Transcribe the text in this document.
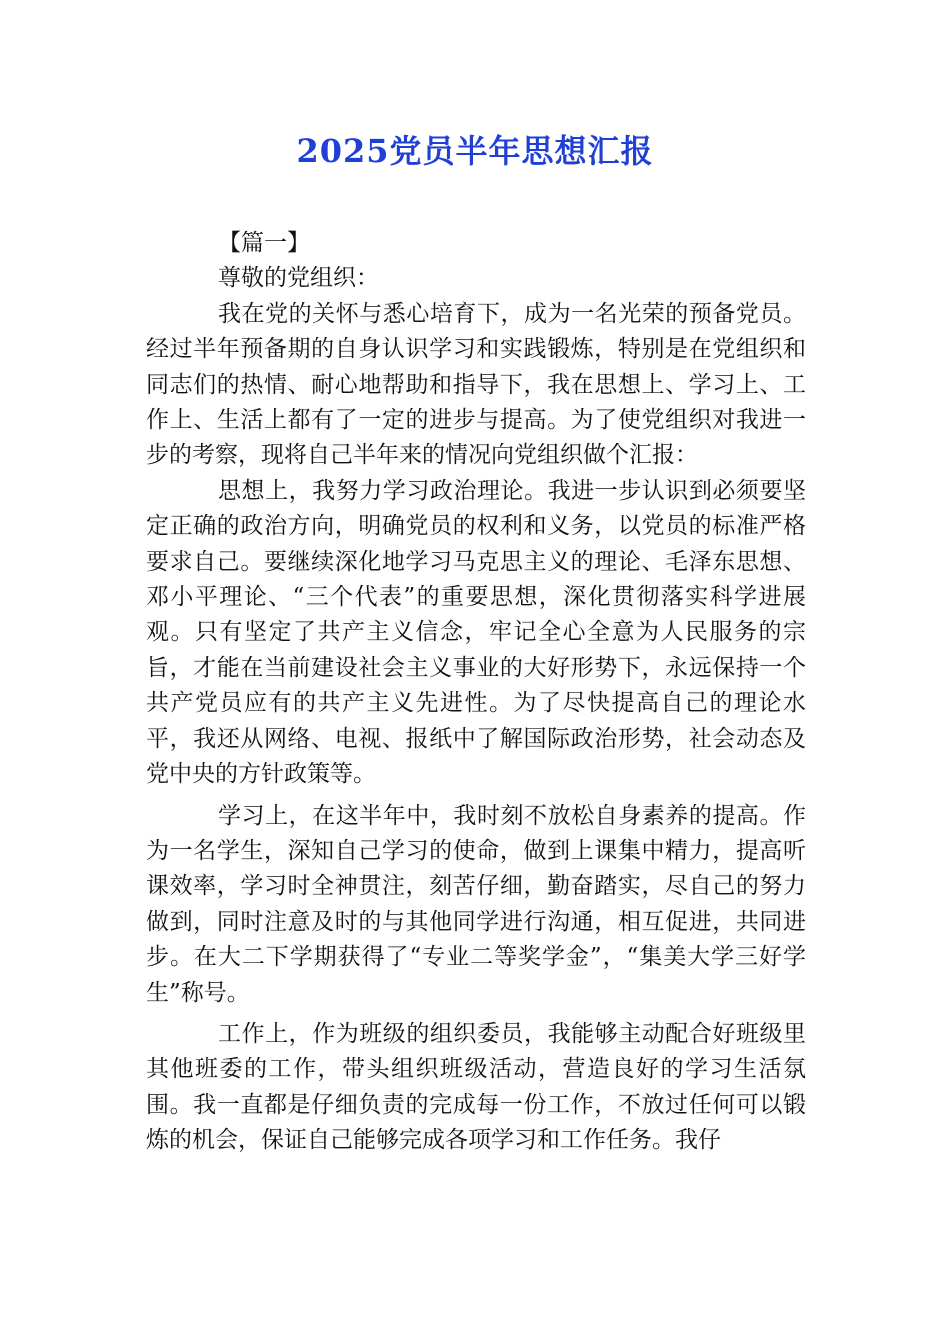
2025党员半年思想汇报

【篇一】

尊敬的党组织：

我在党的关怀与悉心培育下，成为一名光荣的预备党员。经过半年预备期的自身认识学习和实践锻炼，特别是在党组织和同志们的热情、耐心地帮助和指导下，我在思想上、学习上、工作上、生活上都有了一定的进步与提高。为了使党组织对我进一步的考察，现将自己半年来的情况向党组织做个汇报：

思想上，我努力学习政治理论。我进一步认识到必须要坚定正确的政治方向，明确党员的权利和义务，以党员的标准严格要求自己。要继续深化地学习马克思主义的理论、毛泽东思想、邓小平理论、“三个代表”的重要思想，深化贯彻落实科学进展观。只有坚定了共产主义信念，牢记全心全意为人民服务的宗旨，才能在当前建设社会主义事业的大好形势下，永远保持一个共产党员应有的共产主义先进性。为了尽快提高自己的理论水平，我还从网络、电视、报纸中了解国际政治形势，社会动态及党中央的方针政策等。

学习上，在这半年中，我时刻不放松自身素养的提高。作为一名学生，深知自己学习的使命，做到上课集中精力，提高听课效率，学习时全神贯注，刻苦仔细，勤奋踏实，尽自己的努力做到，同时注意及时的与其他同学进行沟通，相互促进，共同进步。在大二下学期获得了“专业二等奖学金”，“集美大学三好学生”称号。

工作上，作为班级的组织委员，我能够主动配合好班级里其他班委的工作，带头组织班级活动，营造良好的学习生活氛围。我一直都是仔细负责的完成每一份工作，不放过任何可以锻炼的机会，保证自己能够完成各项学习和工作任务。我仔
